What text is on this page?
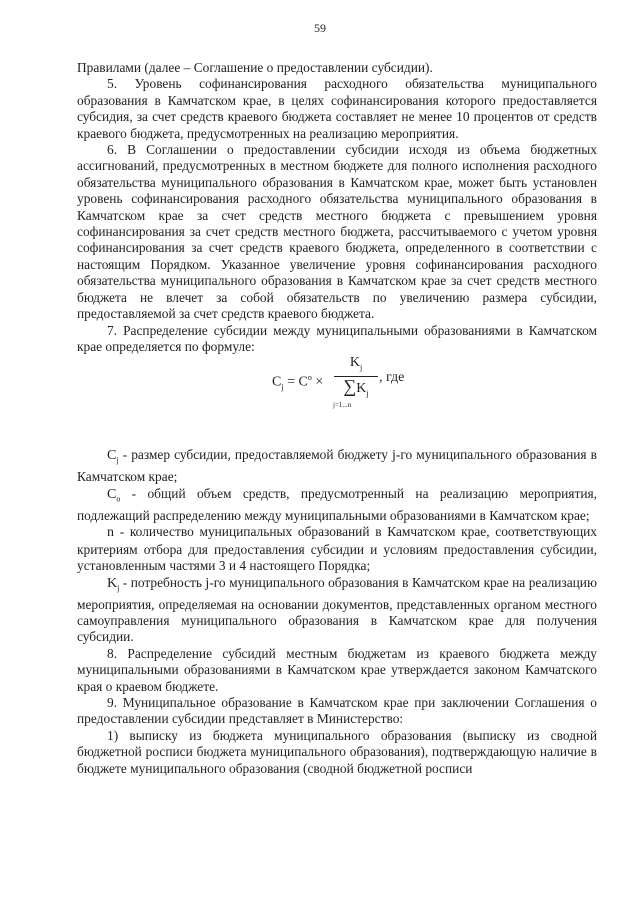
59

Правилами (далее – Соглашение о предоставлении субсидии).

5. Уровень софинансирования расходного обязательства муниципального образования в Камчатском крае, в целях софинансирования которого предоставляется субсидия, за счет средств краевого бюджета составляет не менее 10 процентов от средств краевого бюджета, предусмотренных на реализацию мероприятия.

6. В Соглашении о предоставлении субсидии исходя из объема бюджетных ассигнований, предусмотренных в местном бюджете для полного исполнения расходного обязательства муниципального образования в Камчатском крае, может быть установлен уровень софинансирования расходного обязательства муниципального образования в Камчатском крае за счет средств местного бюджета с превышением уровня софинансирования за счет средств местного бюджета, рассчитываемого с учетом уровня софинансирования за счет средств краевого бюджета, определенного в соответствии с настоящим Порядком. Указанное увеличение уровня софинансирования расходного обязательства муниципального образования в Камчатском крае за счет средств местного бюджета не влечет за собой обязательств по увеличению размера субсидии, предоставляемой за счет средств краевого бюджета.

7. Распределение субсидии между муниципальными образованиями в Камчатском крае определяется по формуле:

$C_j = C^o \times \frac{K_j}{\sum K_j}$
j=1...n
, где

$C_j$ - размер субсидии, предоставляемой бюджету j-го муниципального образования в Камчатском крае;

$C_o$ - общий объем средств, предусмотренный на реализацию мероприятия, подлежащий распределению между муниципальными образованиями в Камчатском крае;

n - количество муниципальных образований в Камчатском крае, соответствующих критериям отбора для предоставления субсидии и условиям предоставления субсидии, установленным частями 3 и 4 настоящего Порядка;

$K_j$ - потребность j-го муниципального образования в Камчатском крае на реализацию мероприятия, определяемая на основании документов, представленных органом местного самоуправления муниципального образования в Камчатском крае для получения субсидии.

8. Распределение субсидий местным бюджетам из краевого бюджета между муниципальными образованиями в Камчатском крае утверждается законом Камчатского края о краевом бюджете.

9. Муниципальное образование в Камчатском крае при заключении Соглашения о предоставлении субсидии представляет в Министерство:

1) выписку из бюджета муниципального образования (выписку из сводной бюджетной росписи бюджета муниципального образования), подтверждающую наличие в бюджете муниципального образования (сводной бюджетной росписи
